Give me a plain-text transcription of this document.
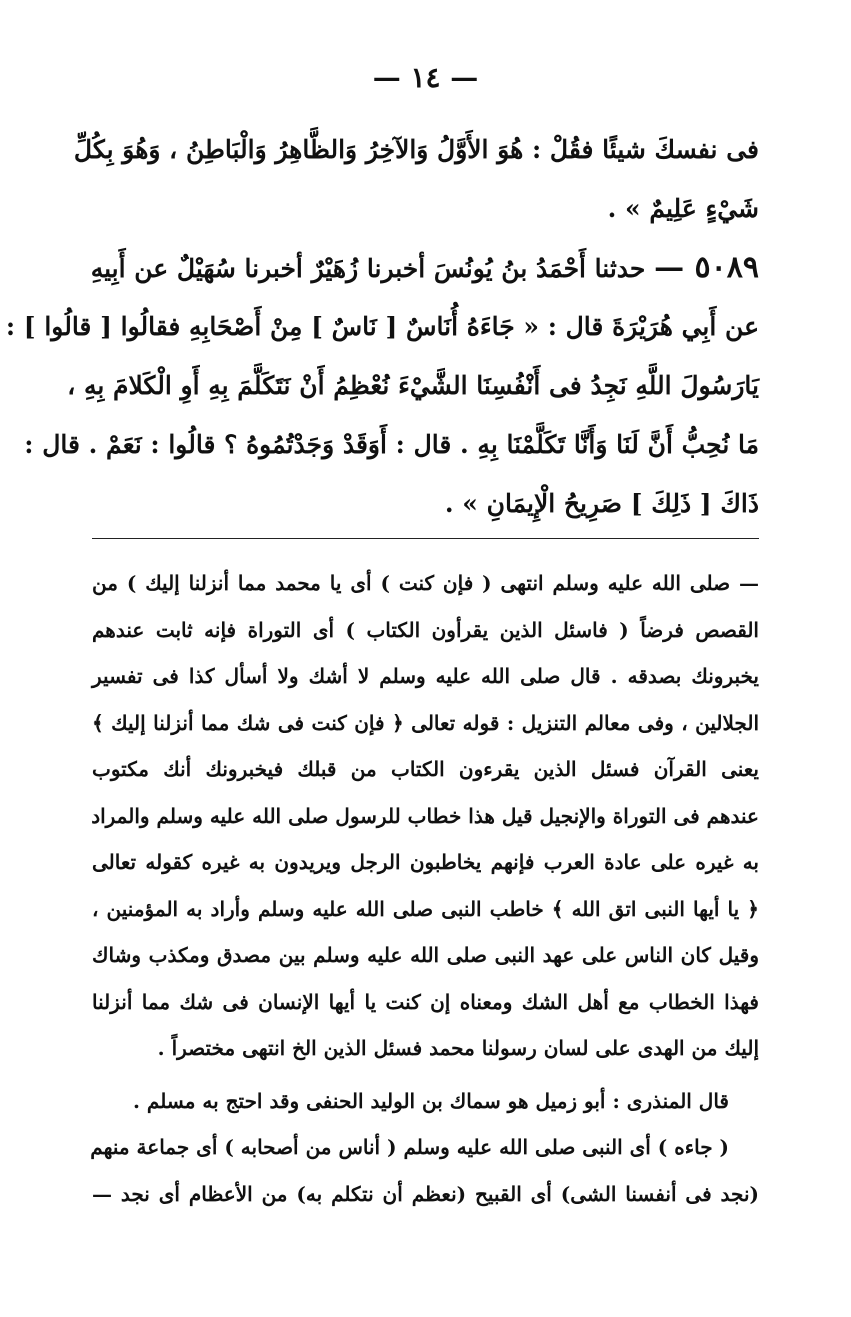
— ١٤ —
فى نفسكَ شيئًا فقُلْ : هُوَ الأَوَّلُ وَالآخِرُ وَالظَّاهِرُ وَالْبَاطِنُ ، وَهُوَ بِكُلِّ
شَيْءٍ عَلِيمٌ » .
٥٠٨٩ — حدثنا أَحْمَدُ بنُ يُونُسَ أخبرنا زُهَيْرٌ أخبرنا سُهَيْلٌ عن أَبِيهِ
عن أَبِي هُرَيْرَةَ قال : « جَاءَهُ أُنَاسٌ [ نَاسٌ ] مِنْ أَصْحَابِهِ فقالُوا [ قالُوا ] :
يَارَسُولَ اللَّهِ نَجِدُ فى أَنْفُسِنَا الشَّيْءَ نُعْظِمُ أَنْ نَتَكَلَّمَ بِهِ أَوِ الْكَلامَ بِهِ ،
مَا نُحِبُّ أَنَّ لَنَا وَأَنَّا تَكَلَّمْنَا بِهِ . قال : أَوَقَدْ وَجَدْتُمُوهُ ؟ قالُوا : نَعَمْ . قال :
ذَاكَ [ ذَلِكَ ] صَرِيحُ الْإِيمَانِ » .
— صلى الله عليه وسلم انتهى ( فإن كنت ) أى يا محمد مما أنزلنا إليك ) من
القصص فرضاً ( فاسئل الذين يقرأون الكتاب ) أى التوراة فإنه ثابت عندهم
يخبرونك بصدقه . قال صلى الله عليه وسلم لا أشك ولا أسأل كذا فى تفسير
الجلالين ، وفى معالم التنزيل : قوله تعالى ﴿ فإن كنت فى شك مما أنزلنا إليك ﴾
يعنى القرآن فسئل الذين يقرءون الكتاب من قبلك فيخبرونك أنك مكتوب
عندهم فى التوراة والإنجيل قيل هذا خطاب للرسول صلى الله عليه وسلم والمراد
به غيره على عادة العرب فإنهم يخاطبون الرجل ويريدون به غيره كقوله تعالى
﴿ يا أيها النبى اتق الله ﴾ خاطب النبى صلى الله عليه وسلم وأراد به المؤمنين ،
وقيل كان الناس على عهد النبى صلى الله عليه وسلم بين مصدق ومكذب وشاك
فهذا الخطاب مع أهل الشك ومعناه إن كنت يا أيها الإنسان فى شك مما أنزلنا
إليك من الهدى على لسان رسولنا محمد فسئل الذين الخ انتهى مختصراً .
قال المنذرى : أبو زميل هو سماك بن الوليد الحنفى وقد احتج به مسلم .
( جاءه ) أى النبى صلى الله عليه وسلم ( أناس من أصحابه ) أى جماعة منهم
(نجد فى أنفسنا الشى) أى القبيح (نعظم أن نتكلم به) من الأعظام أى نجد —
